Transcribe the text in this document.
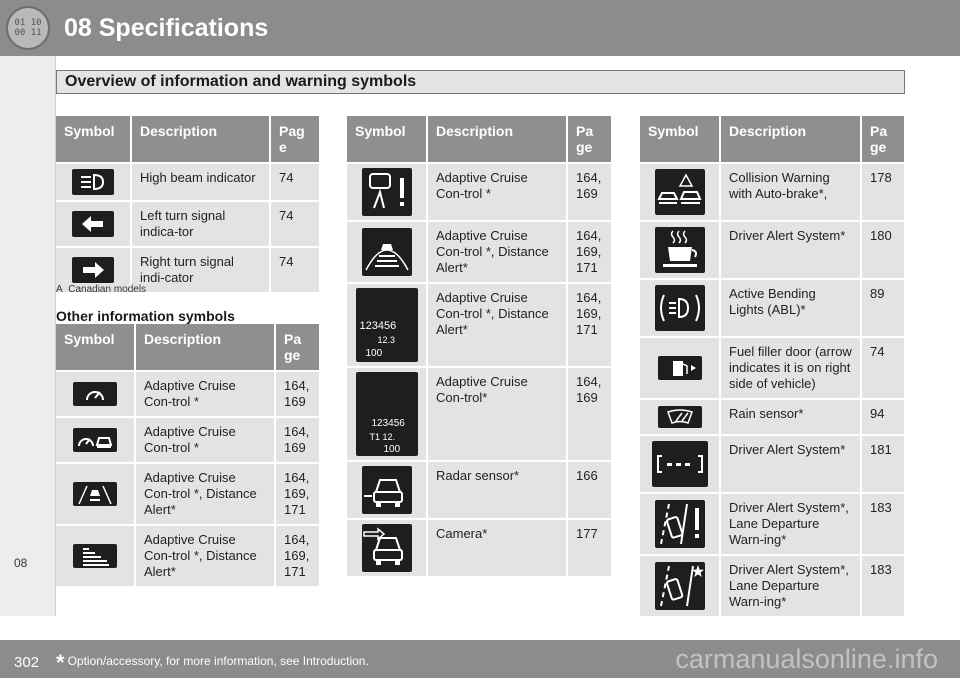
01 10
00 11 08 Specifications
08
Overview of information and warning symbols
Symbol	Description	Pag e

	High beam indicator	74

	Left turn signal indica-tor	74

	Right turn signal indi-cator	74
A Canadian models
Other information symbols
Symbol	Description	Pa ge

	Adaptive Cruise Con-trol *	164, 169

	Adaptive Cruise Con-trol *	164, 169

	Adaptive Cruise Con-trol *, Distance Alert*	164, 169, 171

	Adaptive Cruise Con-trol *, Distance Alert*	164, 169, 171
Symbol	Description	Pa ge

	Adaptive Cruise Con-trol *	164, 169

	Adaptive Cruise Con-trol *, Distance Alert*	164, 169, 171

123456
12.3
100	Adaptive Cruise Con-trol *, Distance Alert*	164, 169, 171

123456
T1 12.
100	Adaptive Cruise Con-trol*	164, 169

	Radar sensor*	166

	Camera*	177
Symbol	Description	Pa ge

	Collision Warning with Auto-brake*,	178

	Driver Alert System*	180

	Active Bending Lights (ABL)*	89

	Fuel filler door (arrow indicates it is on right side of vehicle)	74

	Rain sensor*	94

	Driver Alert System*	181

	Driver Alert System*, Lane Departure Warn-ing*	183

	Driver Alert System*, Lane Departure Warn-ing*	183
302 * Option/accessory, for more information, see Introduction.	carmanualsonline.info
